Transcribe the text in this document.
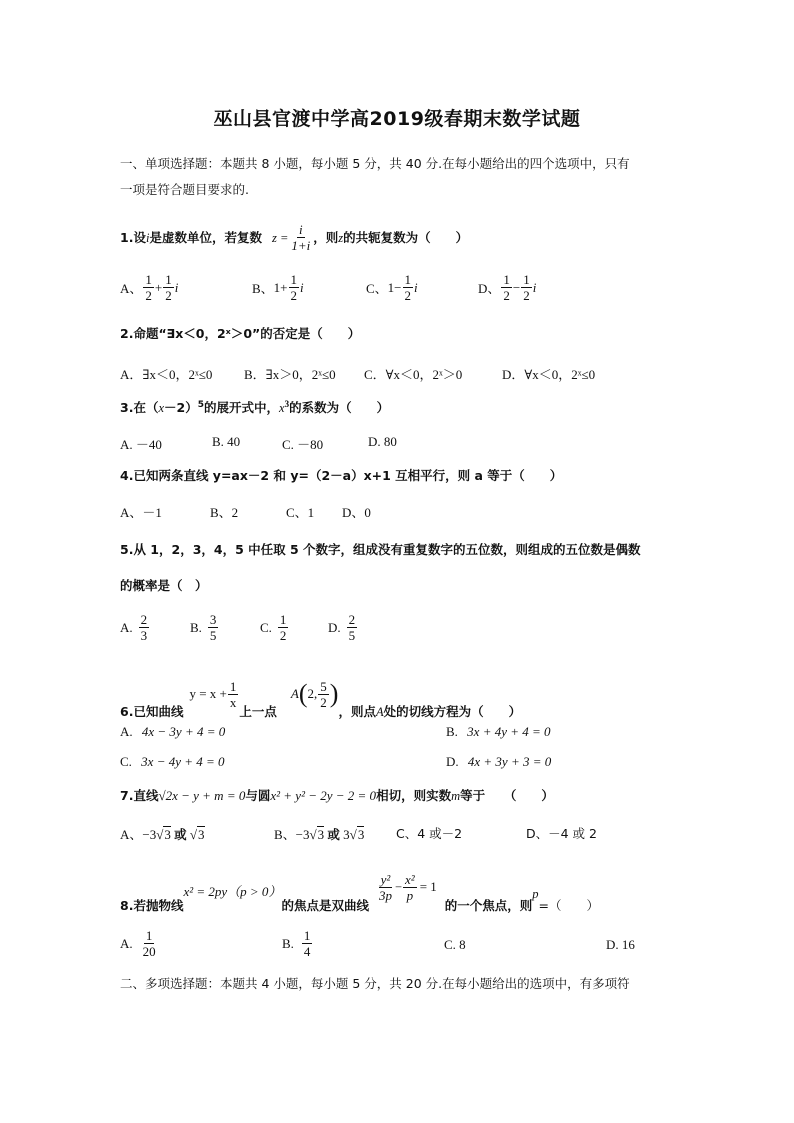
巫山县官渡中学高2019级春期末数学试题
一、单项选择题：本题共 8 小题，每小题 5 分，共 40 分.在每小题给出的四个选项中，只有
一项是符合题目要求的.
1.设 i 是虚数单位，若复数 $z = \frac{i}{1+i}$ ，则 z 的共轭复数为（　　）
A、 $\frac{1}{2} + \frac{1}{2}$ i	B、 $1+ \frac{1}{2}$ i	C、 $1- \frac{1}{2}$ i	D、 $\frac{1}{2} - \frac{1}{2}$ i
2.命题“∃x＜0，2ˣ＞0”的否定是（　　）
A．∃x＜0，2ˣ≤0 B．∃x＞0，2ˣ≤0 C．∀x＜0，2ˣ＞0	D．∀x＜0，2ˣ≤0
3.在$(x-2)^5$的展开式中，$x^3$的系数为（　　）
A. －40	B. 40	C. －80	D. 80
4.已知两条直线 y=ax－2 和 y=（2－a）x+1 互相平行，则 a 等于（　　）
A、－1	B、2	C、1 D、0
5.从 1，2，3，4，5 中任取 5 个数字，组成没有重复数字的五位数，则组成的五位数是偶数
的概率是（　）
A. $\frac{2}{3}$	B. $\frac{3}{5}$	C. $\frac{1}{2}$	D. $\frac{2}{5}$
6.已知曲线
$y = x + \frac{1}{x}$
上一点
A ( 2, $\frac{5}{2}$ )
，则点 A 处的切线方程为（　　）
A. 4x − 3y + 4 = 0	B. 3x + 4y + 4 = 0
C. 3x − 4y + 4 = 0	D. 4x + 3y + 3 = 0
7.直线 √ 2x − y + m = 0 与圆 x² + y² − 2y − 2 = 0 相切，则实数 m 等于　　（　　）
A、−3√3 或 √3	B、−3√3 或 3√3	C、4 或－2	D、－4 或 2
8.若抛物线
x² = 2py（p > 0）
的焦点是双曲线
$\frac{\text{y²}}{3p} - \frac{\text{x²}}{p} = 1$
的一个焦点，则
p
=（　　）
A. $\frac{1}{20}$	B. $\frac{1}{4}$	C. 8	D. 16
二、多项选择题：本题共 4 小题，每小题 5 分，共 20 分.在每小题给出的选项中，有多项符
